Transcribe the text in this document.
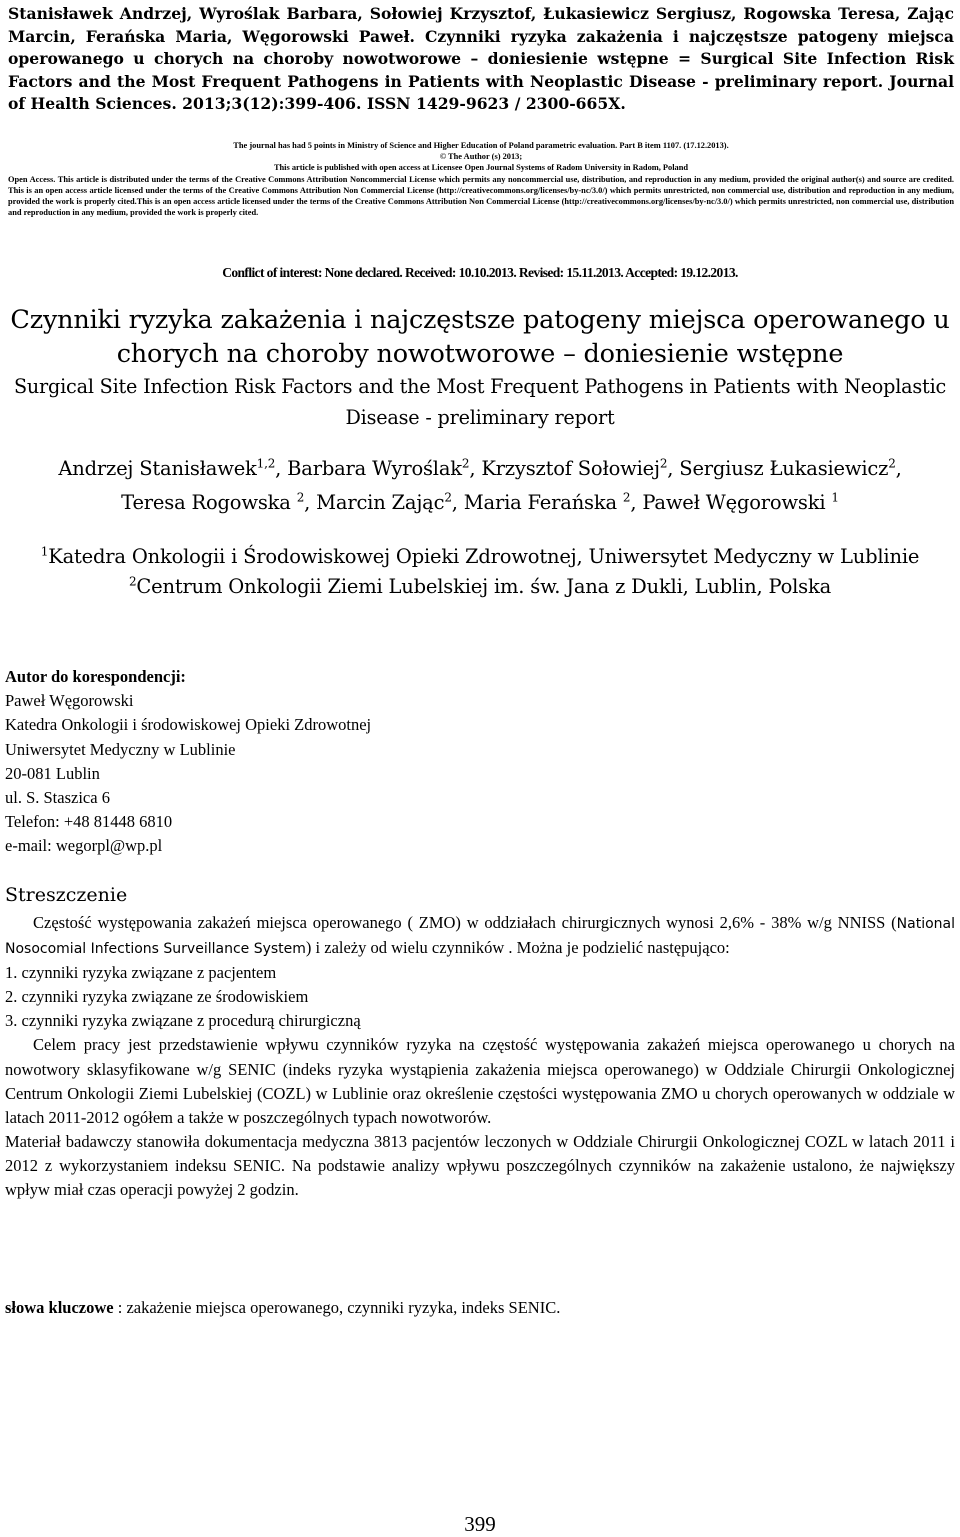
Stanisławek Andrzej, Wyroślak Barbara, Sołowiej Krzysztof, Łukasiewicz Sergiusz, Rogowska Teresa, Zając Marcin, Ferańska Maria, Węgorowski Paweł. Czynniki ryzyka zakażenia i najczęstsze patogeny miejsca operowanego u chorych na choroby nowotworowe – doniesienie wstępne = Surgical Site Infection Risk Factors and the Most Frequent Pathogens in Patients with Neoplastic Disease - preliminary report. Journal of Health Sciences. 2013;3(12):399-406. ISSN 1429-9623 / 2300-665X.

The journal has had 5 points in Ministry of Science and Higher Education of Poland parametric evaluation. Part B item 1107. (17.12.2013).

© The Author (s) 2013;

This article is published with open access at Licensee Open Journal Systems of Radom University in Radom, Poland

Open Access. This article is distributed under the terms of the Creative Commons Attribution Noncommercial License which permits any noncommercial use, distribution, and reproduction in any medium, provided the original author(s) and source are credited. This is an open access article licensed under the terms of the Creative Commons Attribution Non Commercial License (http://creativecommons.org/licenses/by-nc/3.0/) which permits unrestricted, non commercial use, distribution and reproduction in any medium, provided the work is properly cited.This is an open access article licensed under the terms of the Creative Commons Attribution Non Commercial License (http://creativecommons.org/licenses/by-nc/3.0/) which permits unrestricted, non commercial use, distribution and reproduction in any medium, provided the work is properly cited.

Conflict of interest: None declared. Received: 10.10.2013. Revised: 15.11.2013. Accepted: 19.12.2013.

Czynniki ryzyka zakażenia i najczęstsze patogeny miejsca operowanego u chorych na choroby nowotworowe – doniesienie wstępne
Surgical Site Infection Risk Factors and the Most Frequent Pathogens in Patients with Neoplastic Disease - preliminary report

Andrzej Stanisławek$^{1,2}$, Barbara Wyroślak$^2$, Krzysztof Sołowiej$^2$, Sergiusz Łukasiewicz$^2$,
Teresa Rogowska $^2$, Marcin Zając$^2$, Maria Ferańska $^2$, Paweł Węgorowski $^1$

$^1$Katedra Onkologii i Środowiskowej Opieki Zdrowotnej, Uniwersytet Medyczny w Lublinie
$^2$Centrum Onkologii Ziemi Lubelskiej im. św. Jana z Dukli, Lublin, Polska
Autor do korespondencji:
Paweł Węgorowski
Katedra Onkologii i środowiskowej Opieki Zdrowotnej
Uniwersytet Medyczny w Lublinie
20-081 Lublin
ul. S. Staszica 6
Telefon: +48 81448 6810
e-mail: wegorpl@wp.pl
Streszczenie

Częstość występowania zakażeń miejsca operowanego ( ZMO) w oddziałach chirurgicznych wynosi 2,6% - 38% w/g NNISS (National Nosocomial Infections Surveillance System) i zależy od wielu czynników . Można je podzielić następująco:

1. czynniki ryzyka związane z pacjentem

2. czynniki ryzyka związane ze środowiskiem

3. czynniki ryzyka związane z procedurą chirurgiczną

Celem pracy jest przedstawienie wpływu czynników ryzyka na częstość występowania zakażeń miejsca operowanego u chorych na nowotwory sklasyfikowane w/g SENIC (indeks ryzyka wystąpienia zakażenia miejsca operowanego) w Oddziale Chirurgii Onkologicznej Centrum Onkologii Ziemi Lubelskiej (COZL) w Lublinie oraz określenie częstości występowania ZMO u chorych operowanych w oddziale w latach 2011-2012 ogółem a także w poszczególnych typach nowotworów.

Materiał badawczy stanowiła dokumentacja medyczna 3813 pacjentów leczonych w Oddziale Chirurgii Onkologicznej COZL w latach 2011 i 2012 z wykorzystaniem indeksu SENIC. Na podstawie analizy wpływu poszczególnych czynników na zakażenie ustalono, że największy wpływ miał czas operacji powyżej 2 godzin.

słowa kluczowe : zakażenie miejsca operowanego, czynniki ryzyka, indeks SENIC.

399
